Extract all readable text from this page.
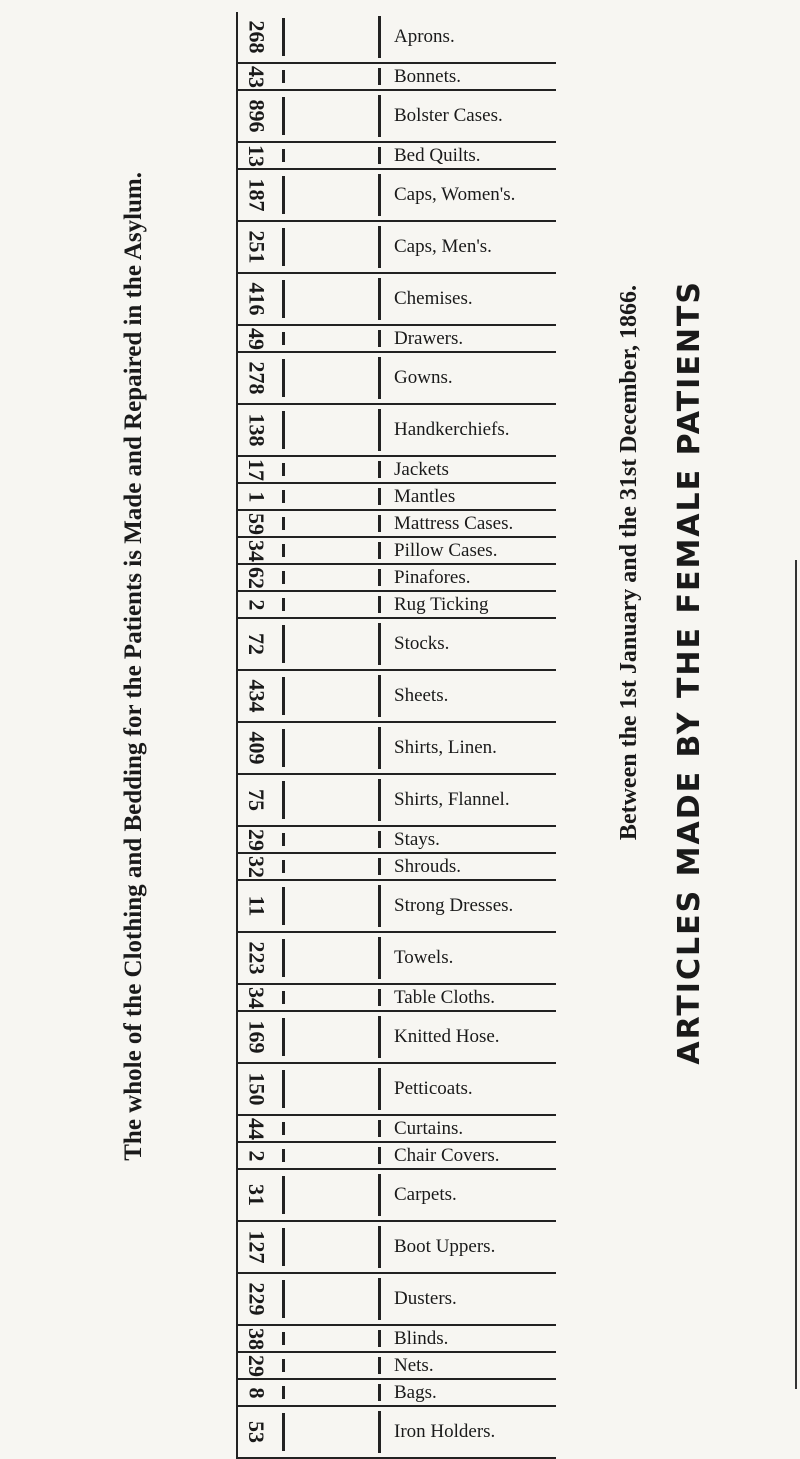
ARTICLES MADE BY THE FEMALE PATIENTS
Between the 1st January and the 31st December, 1866.
The whole of the Clothing and Bedding for the Patients is Made and Repaired in the Asylum.
268	Aprons.
43	Bonnets.
896	Bolster Cases.
13	Bed Quilts.
187	Caps, Women's.
251	Caps, Men's.
416	Chemises.
49	Drawers.
278	Gowns.
138	Handkerchiefs.
17	Jackets
1	Mantles
59	Mattress Cases.
34	Pillow Cases.
62	Pinafores.
2	Rug Ticking
72	Stocks.
434	Sheets.
409	Shirts, Linen.
75	Shirts, Flannel.
29	Stays.
32	Shrouds.
11	Strong Dresses.
223	Towels.
34	Table Cloths.
169	Knitted Hose.
150	Petticoats.
44	Curtains.
2	Chair Covers.
31	Carpets.
127	Boot Uppers.
229	Dusters.
38	Blinds.
29	Nets.
8	Bags.
53	Iron Holders.
